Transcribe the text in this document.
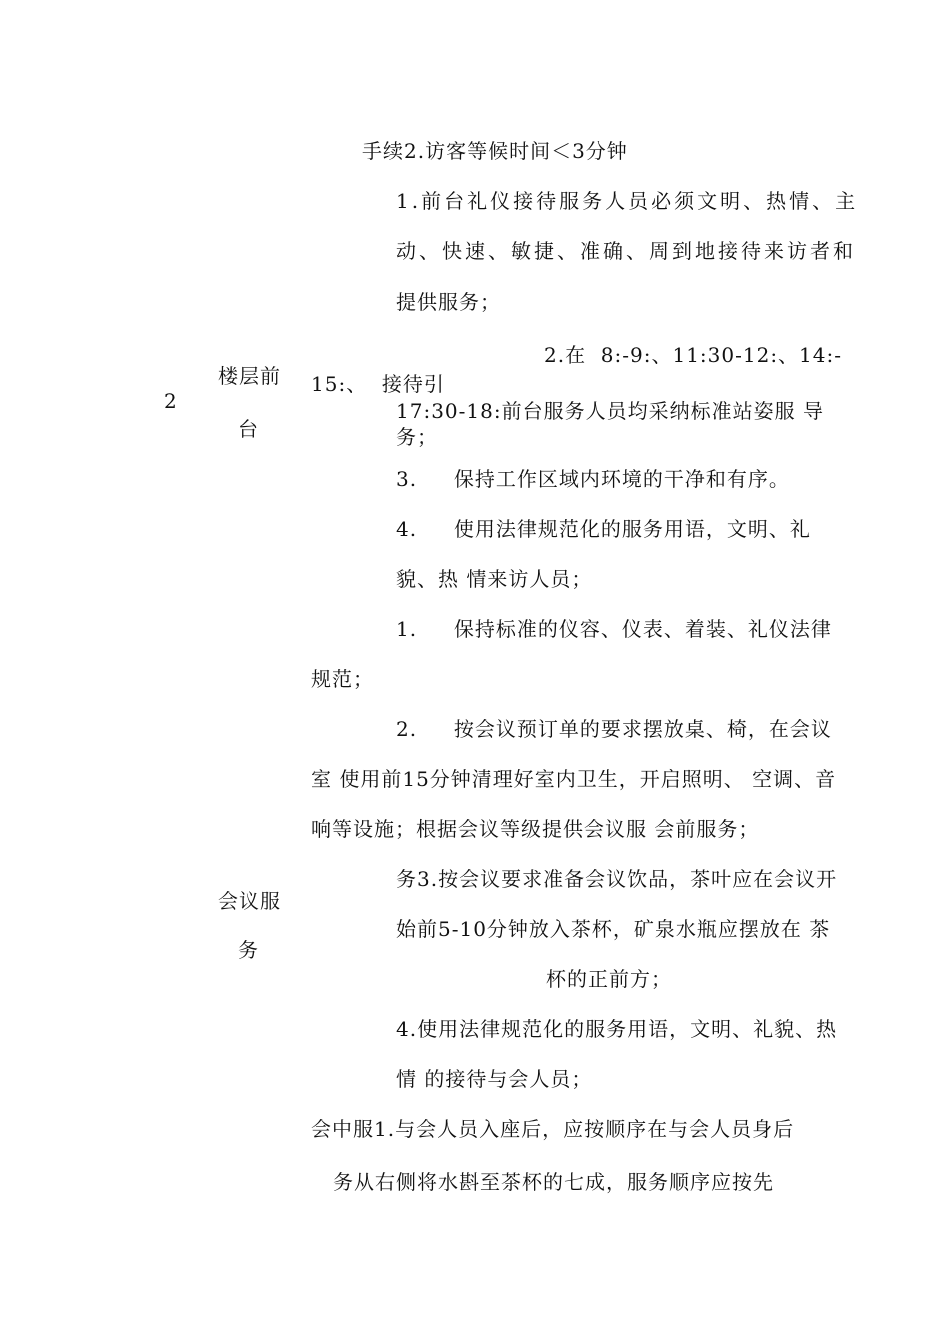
2
楼层前
台
会议服
务
手续2.访客等候时间＜3分钟
1.前台礼仪接待服务人员必须文明、热情、主
动、快速、敏捷、准确、周到地接待来访者和
提供服务；
2.在  8:-9:、11:30-12:、14:-
15:、  接待引
17:30-18:前台服务人员均采纳标准站姿服 导
务；
3.     保持工作区域内环境的干净和有序。
4.     使用法律规范化的服务用语，文明、礼
貌、热 情来访人员；
1.     保持标准的仪容、仪表、着装、礼仪法律
规范；
2.     按会议预订单的要求摆放桌、椅，在会议
室 使用前15分钟清理好室内卫生，开启照明、 空调、音
响等设施；根据会议等级提供会议服 会前服务；
务3.按会议要求准备会议饮品，茶叶应在会议开
始前5-10分钟放入茶杯，矿泉水瓶应摆放在 茶
杯的正前方；
4.使用法律规范化的服务用语，文明、礼貌、热
情 的接待与会人员；
会中服1.与会人员入座后，应按顺序在与会人员身后
务从右侧将水斟至茶杯的七成，服务顺序应按先
